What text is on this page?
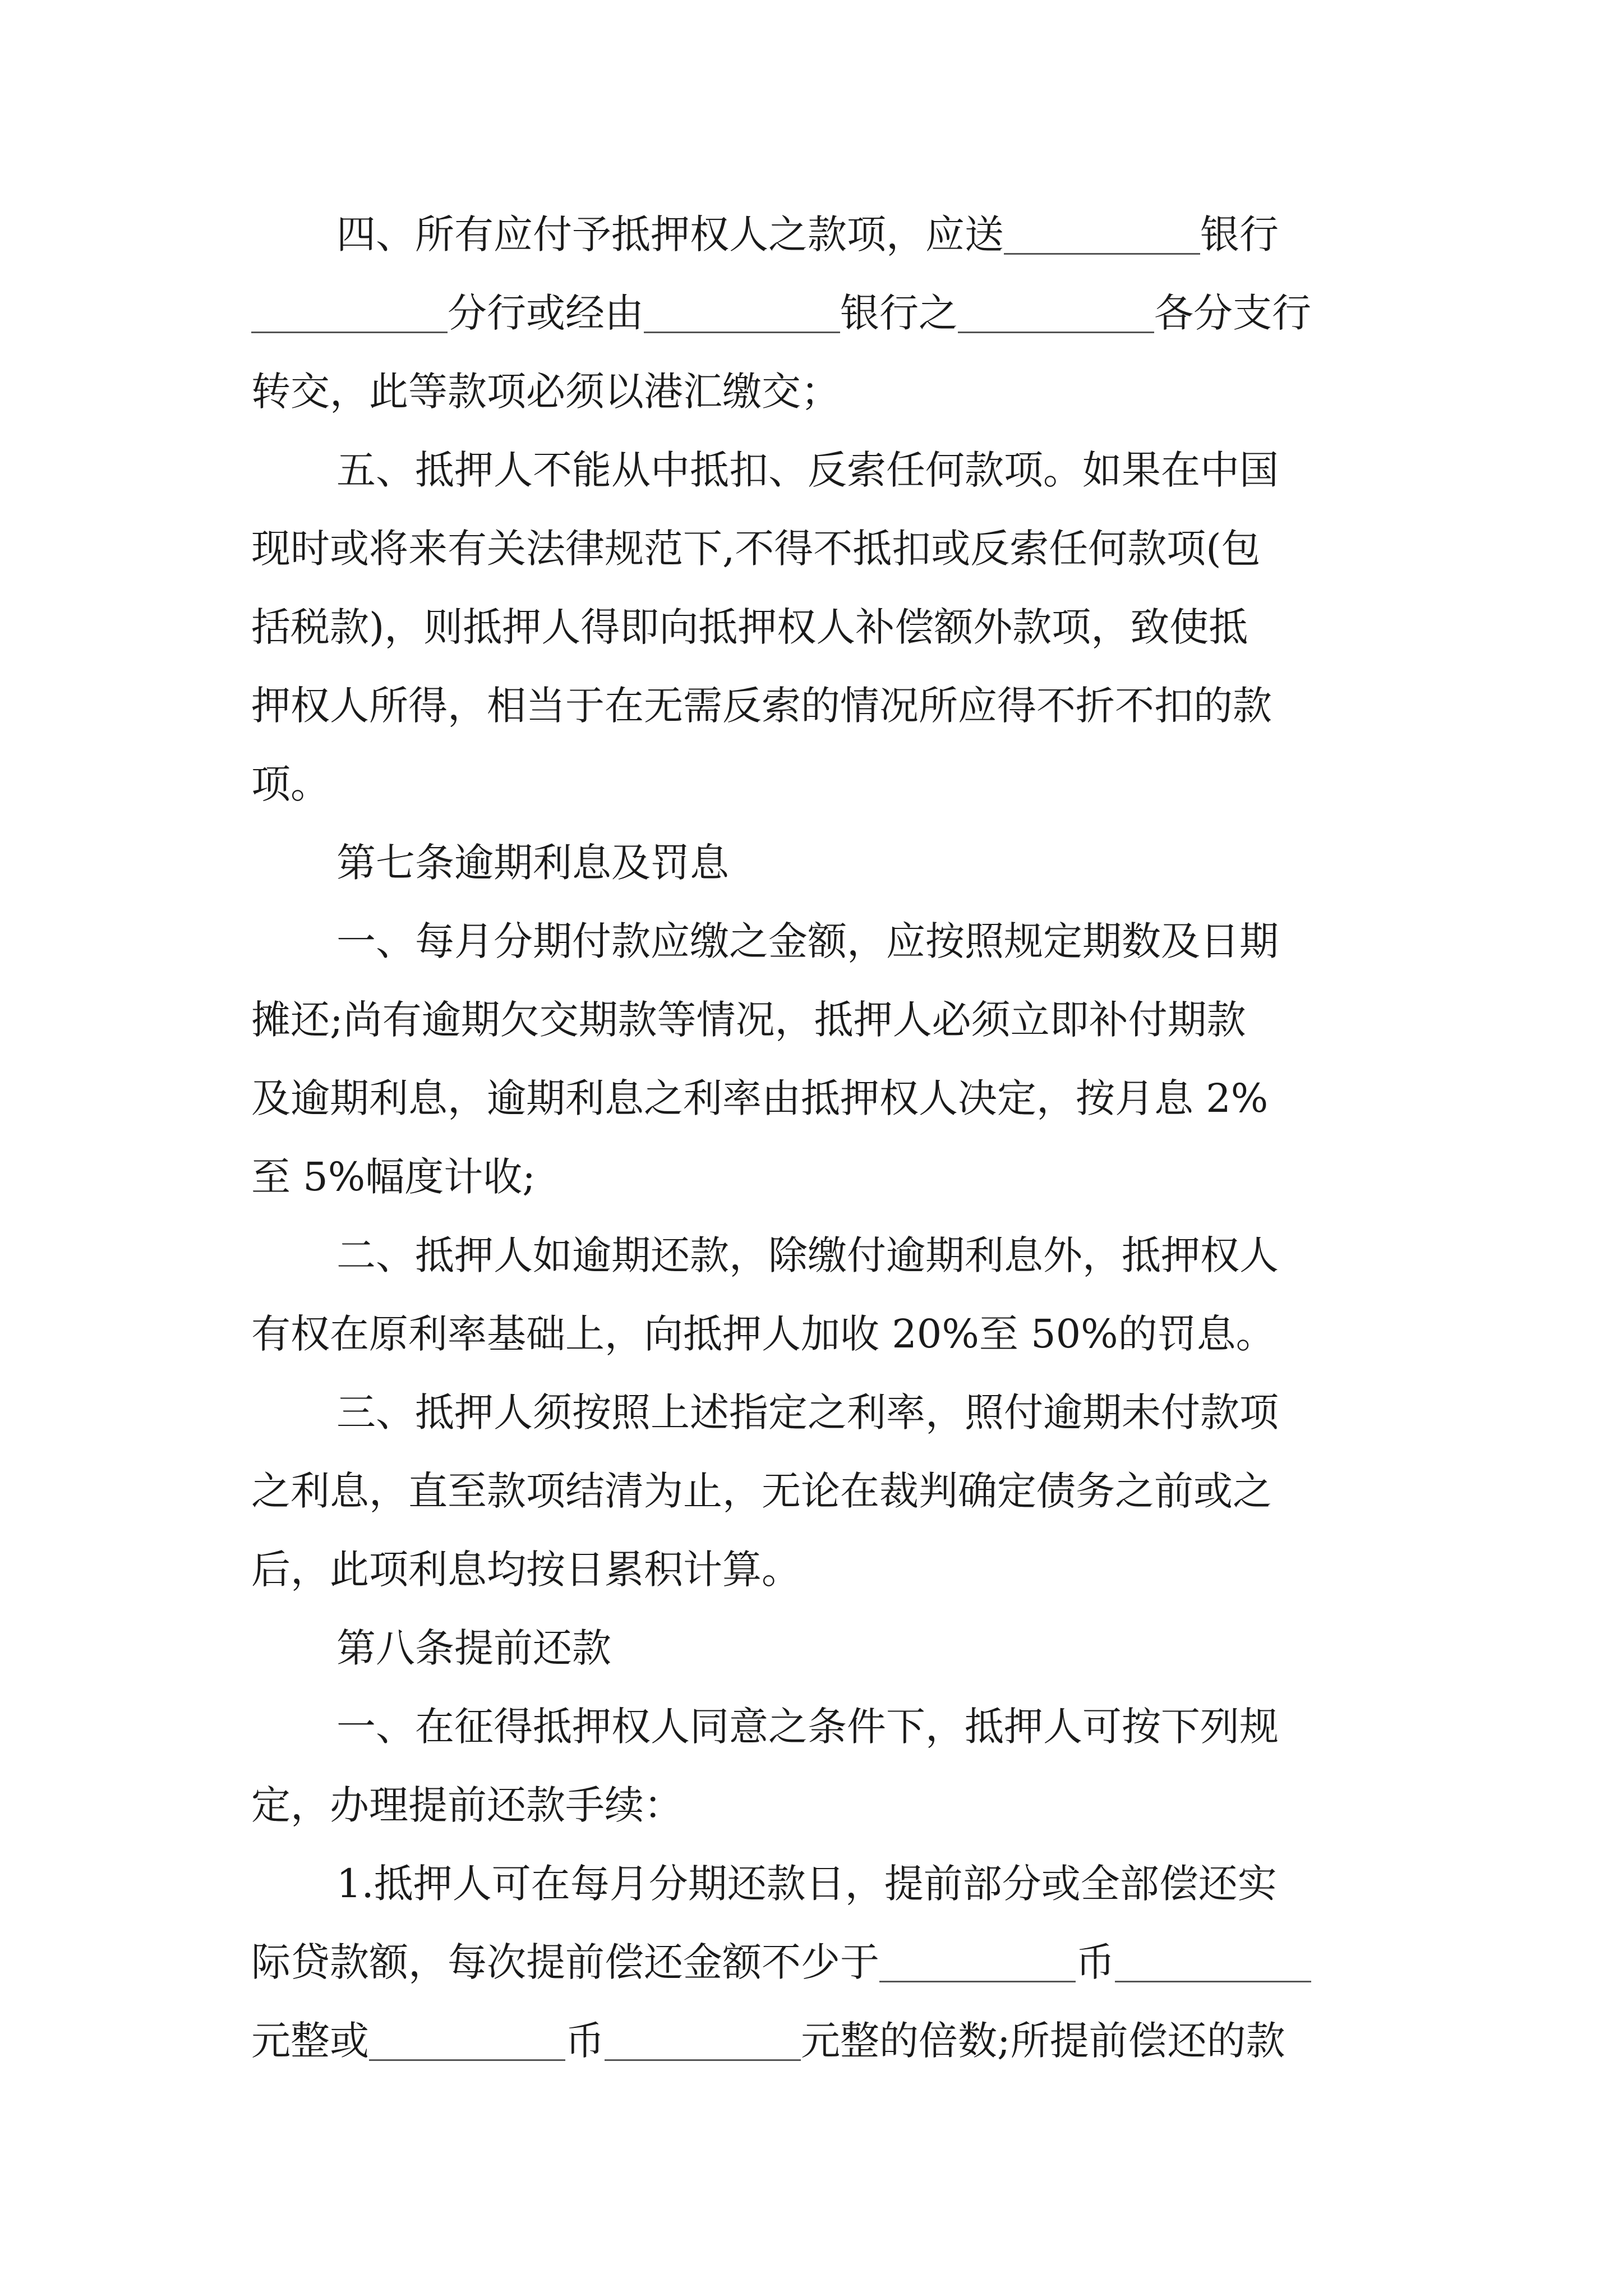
四、所有应付予抵押权人之款项，应送	银行
分行或经由	银行之	各分支行
转交，此等款项必须以港汇缴交；
五、抵押人不能从中抵扣、反索任何款项。如果在中国
现时或将来有关法律规范下,不得不抵扣或反索任何款项(包
括税款)，则抵押人得即向抵押权人补偿额外款项，致使抵
押权人所得，相当于在无需反索的情况所应得不折不扣的款
项。
第七条逾期利息及罚息
一、每月分期付款应缴之金额，应按照规定期数及日期
摊还;尚有逾期欠交期款等情况，抵押人必须立即补付期款
及逾期利息，逾期利息之利率由抵押权人决定，按月息 2%
至 5%幅度计收;
二、抵押人如逾期还款，除缴付逾期利息外，抵押权人
有权在原利率基础上，向抵押人加收 20%至 50%的罚息。
三、抵押人须按照上述指定之利率，照付逾期未付款项
之利息，直至款项结清为止，无论在裁判确定债务之前或之
后，此项利息均按日累积计算。
第八条提前还款
一、在征得抵押权人同意之条件下，抵押人可按下列规
定，办理提前还款手续：
1.抵押人可在每月分期还款日，提前部分或全部偿还实
际贷款额，每次提前偿还金额不少于	币
元整或	币	元整的倍数;所提前偿还的款
